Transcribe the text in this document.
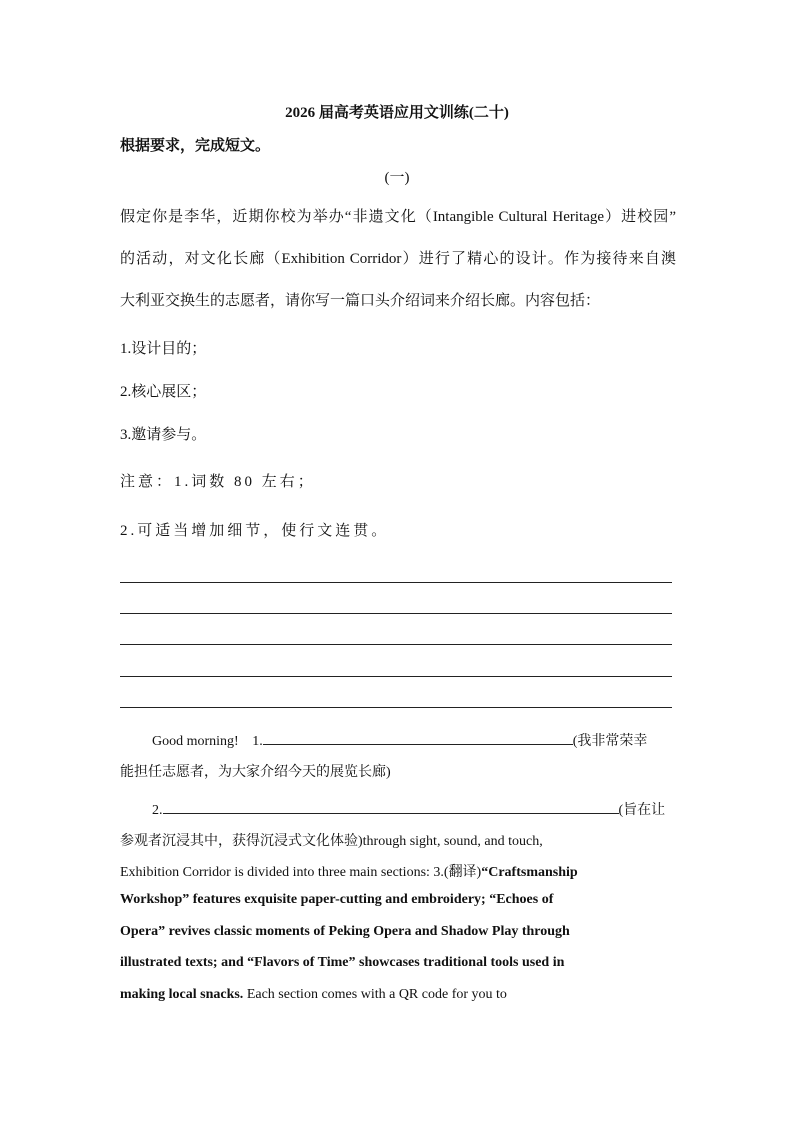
2026 届高考英语应用文训练(二十)
根据要求，完成短文。
(一)
假定你是李华，近期你校为举办“非遗文化（Intangible Cultural Heritage）进校园”
的活动，对文化长廊（Exhibition Corridor）进行了精心的设计。作为接待来自澳
大利亚交换生的志愿者，请你写一篇口头介绍词来介绍长廊。内容包括：
1.设计目的；
2.核心展区；
3.邀请参与。
注意：1.词数 80 左右；
2.可适当增加细节，使行文连贯。
Good morning! 1.	(我非常荣幸
能担任志愿者，为大家介绍今天的展览长廊)
2.	(旨在让
参观者沉浸其中，获得沉浸式文化体验)through sight, sound, and touch,
Exhibition Corridor is divided into three main sections: 3.(翻译)“Craftsmanship
Workshop” features exquisite paper-cutting and embroidery; “Echoes of
Opera” revives classic moments of Peking Opera and Shadow Play through
illustrated texts; and “Flavors of Time” showcases traditional tools used in
making local snacks. Each section comes with a QR code for you to
